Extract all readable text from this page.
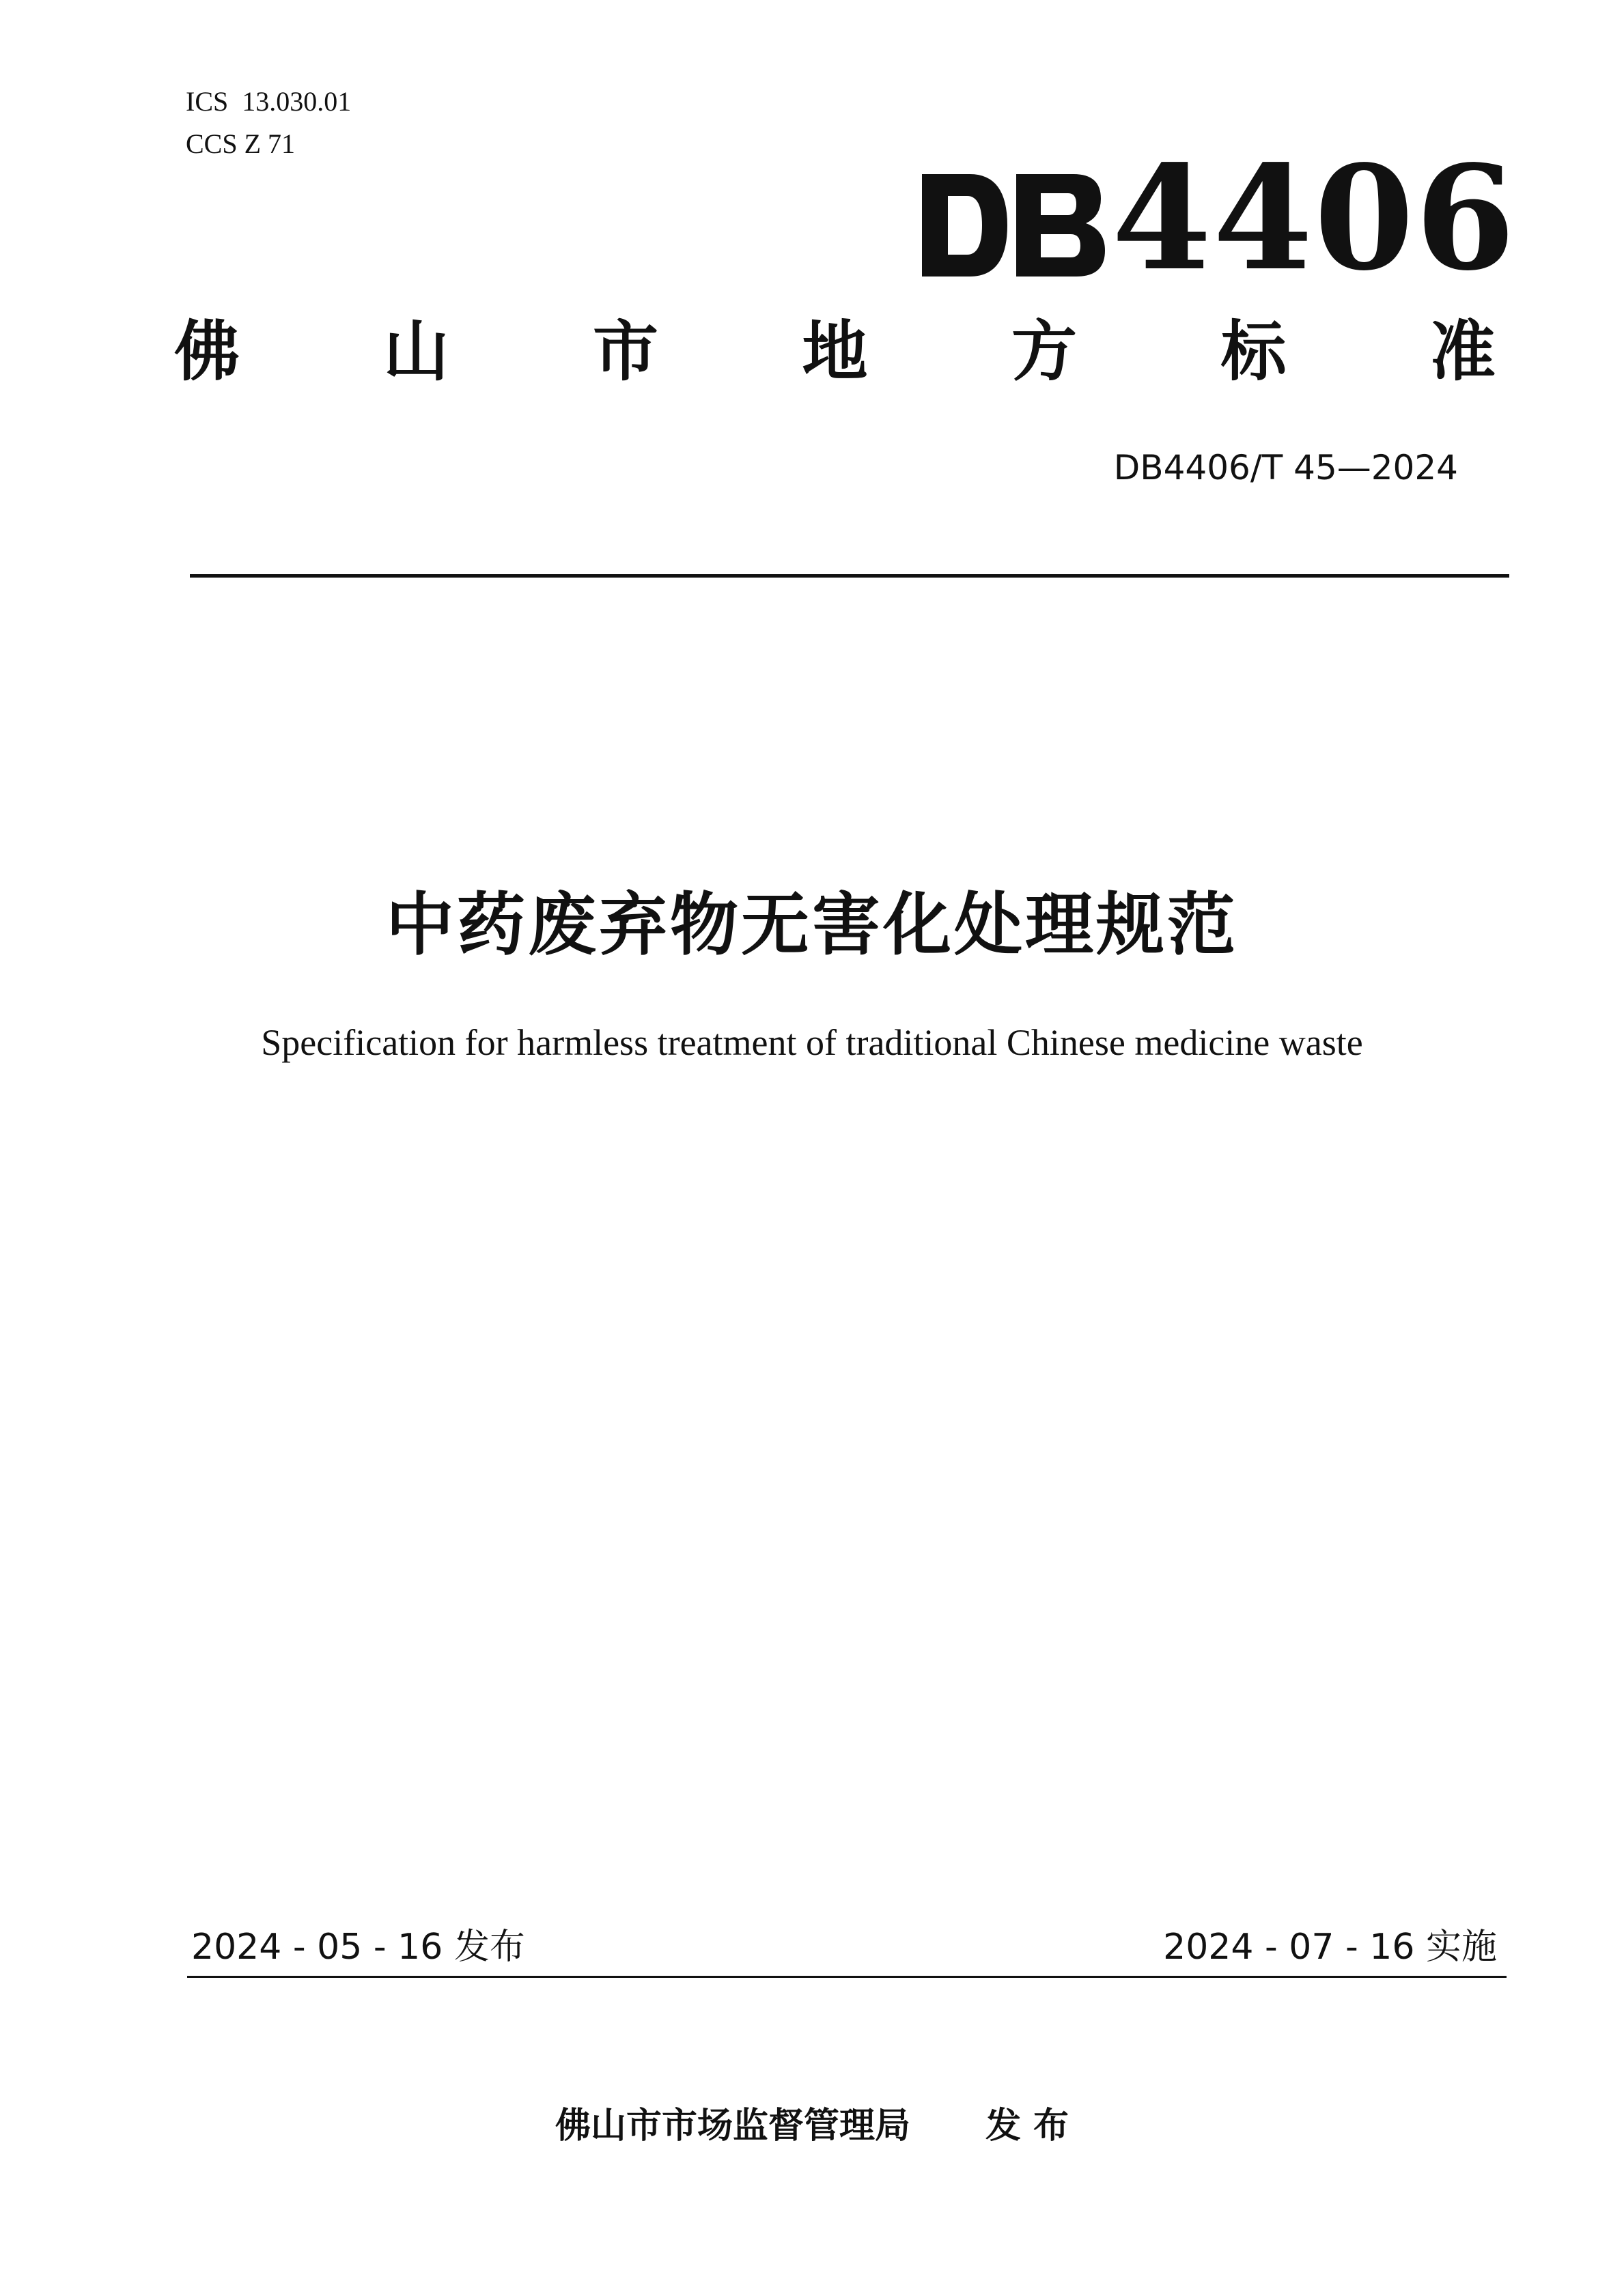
ICS  13.030.01
CCS Z 71	4406
佛 山 市 地 方 标 准
DB4406/T 45—2024
中药废弃物无害化处理规范
Specification for harmless treatment of traditional Chinese medicine waste
2024 - 05 - 16 发布	2024 - 07 - 16 实施
佛山市市场监督管理局 发 布
